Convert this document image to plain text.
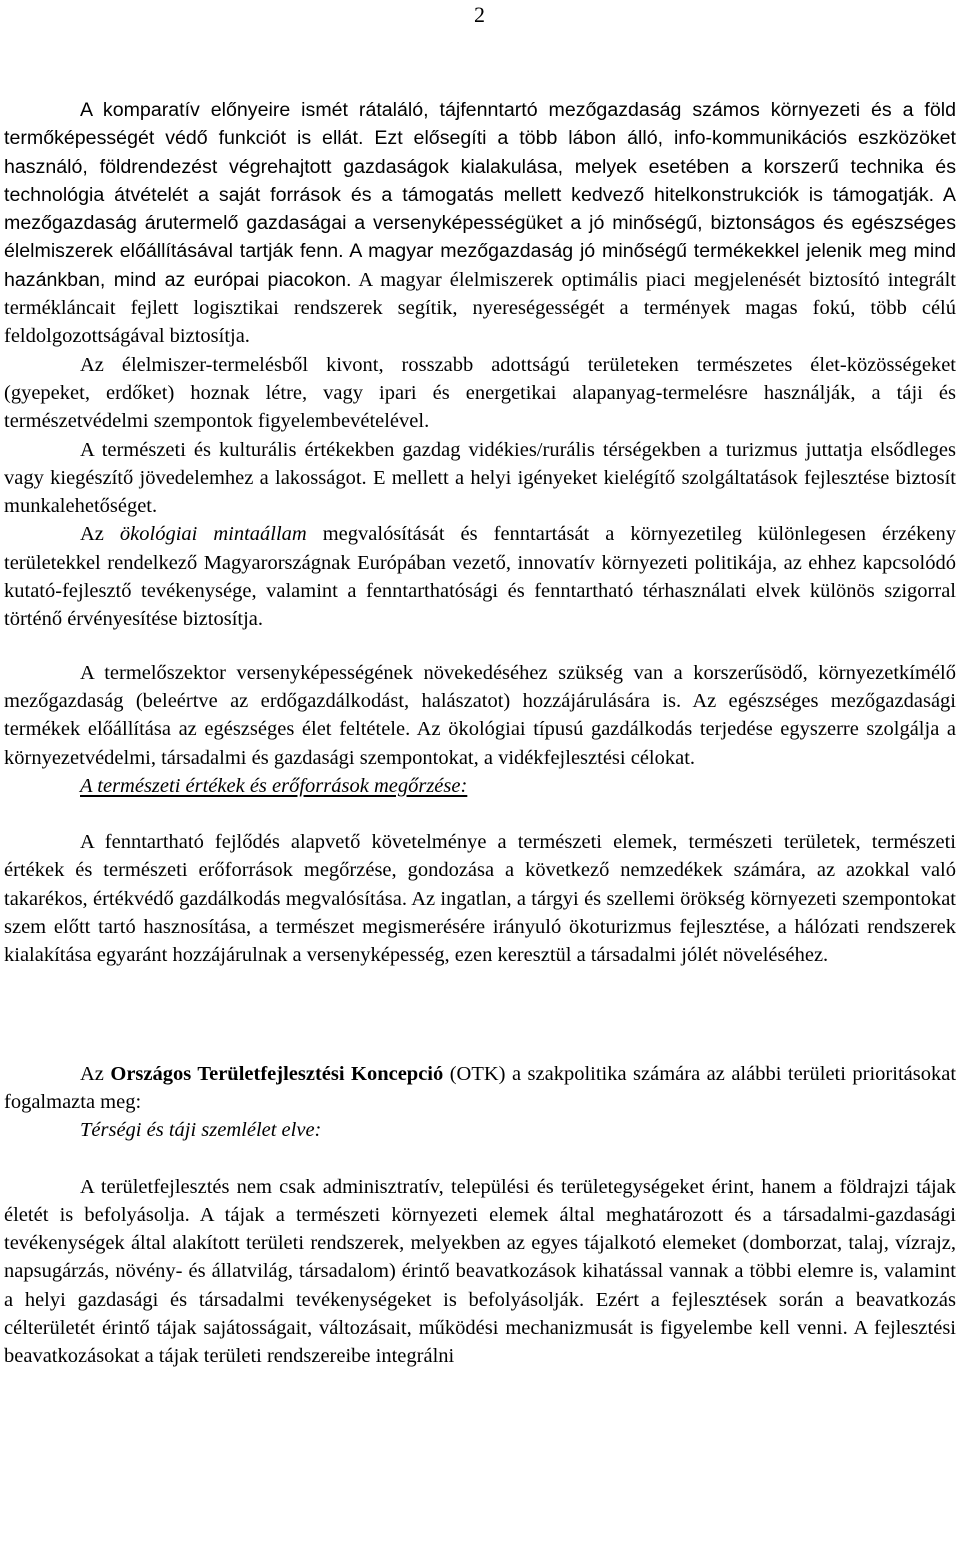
2

A komparatív előnyeire ismét rátaláló, tájfenntartó mezőgazdaság számos környezeti és a föld termőképességét védő funkciót is ellát. Ezt elősegíti a több lábon álló, info-kommunikációs eszközöket használó, földrendezést végrehajtott gazdaságok kialakulása, melyek esetében a korszerű technika és technológia átvételét a saját források és a támogatás mellett kedvező hitelkonstrukciók is támogatják. A mezőgazdaság árutermelő gazdaságai a versenyképességüket a jó minőségű, biztonságos és egészséges élelmiszerek előállításával tartják fenn. A magyar mezőgazdaság jó minőségű termékekkel jelenik meg mind hazánkban, mind az európai piacokon. A magyar élelmiszerek optimális piaci megjelenését biztosító integrált termékláncait fejlett logisztikai rendszerek segítik, nyereségességét a termények magas fokú, több célú feldolgozottságával biztosítja.

Az élelmiszer-termelésből kivont, rosszabb adottságú területeken természetes élet-közösségeket (gyepeket, erdőket) hoznak létre, vagy ipari és energetikai alapanyag-termelésre használják, a táji és természetvédelmi szempontok figyelembevételével.

A természeti és kulturális értékekben gazdag vidékies/rurális térségekben a turizmus juttatja elsődleges vagy kiegészítő jövedelemhez a lakosságot. E mellett a helyi igényeket kielégítő szolgáltatások fejlesztése biztosít munkalehetőséget.

Az ökológiai mintaállam megvalósítását és fenntartását a környezetileg különlegesen érzékeny területekkel rendelkező Magyarországnak Európában vezető, innovatív környezeti politikája, az ehhez kapcsolódó kutató-fejlesztő tevékenysége, valamint a fenntarthatósági és fenntartható térhasználati elvek különös szigorral történő érvényesítése biztosítja.

A termelőszektor versenyképességének növekedéséhez szükség van a korszerűsödő, környezetkímélő mezőgazdaság (beleértve az erdőgazdálkodást, halászatot) hozzájárulására is. Az egészséges mezőgazdasági termékek előállítása az egészséges élet feltétele. Az ökológiai típusú gazdálkodás terjedése egyszerre szolgálja a környezetvédelmi, társadalmi és gazdasági szempontokat, a vidékfejlesztési célokat.

A természeti értékek és erőforrások megőrzése:

A fenntartható fejlődés alapvető követelménye a természeti elemek, természeti területek, természeti értékek és természeti erőforrások megőrzése, gondozása a következő nemzedékek számára, az azokkal való takarékos, értékvédő gazdálkodás megvalósítása. Az ingatlan, a tárgyi és szellemi örökség környezeti szempontokat szem előtt tartó hasznosítása, a természet megismerésére irányuló ökoturizmus fejlesztése, a hálózati rendszerek kialakítása egyaránt hozzájárulnak a versenyképesség, ezen keresztül a társadalmi jólét növeléséhez.

Az Országos Területfejlesztési Koncepció (OTK) a szakpolitika számára az alábbi területi prioritásokat fogalmazta meg:

Térségi és táji szemlélet elve:

A területfejlesztés nem csak adminisztratív, települési és területegységeket érint, hanem a földrajzi tájak életét is befolyásolja. A tájak a természeti környezeti elemek által meghatározott és a társadalmi-gazdasági tevékenységek által alakított területi rendszerek, melyekben az egyes tájalkotó elemeket (domborzat, talaj, vízrajz, napsugárzás, növény- és állatvilág, társadalom) érintő beavatkozások kihatással vannak a többi elemre is, valamint a helyi gazdasági és társadalmi tevékenységeket is befolyásolják. Ezért a fejlesztések során a beavatkozás célterületét érintő tájak sajátosságait, változásait, működési mechanizmusát is figyelembe kell venni. A fejlesztési beavatkozásokat a tájak területi rendszereibe integrálni
